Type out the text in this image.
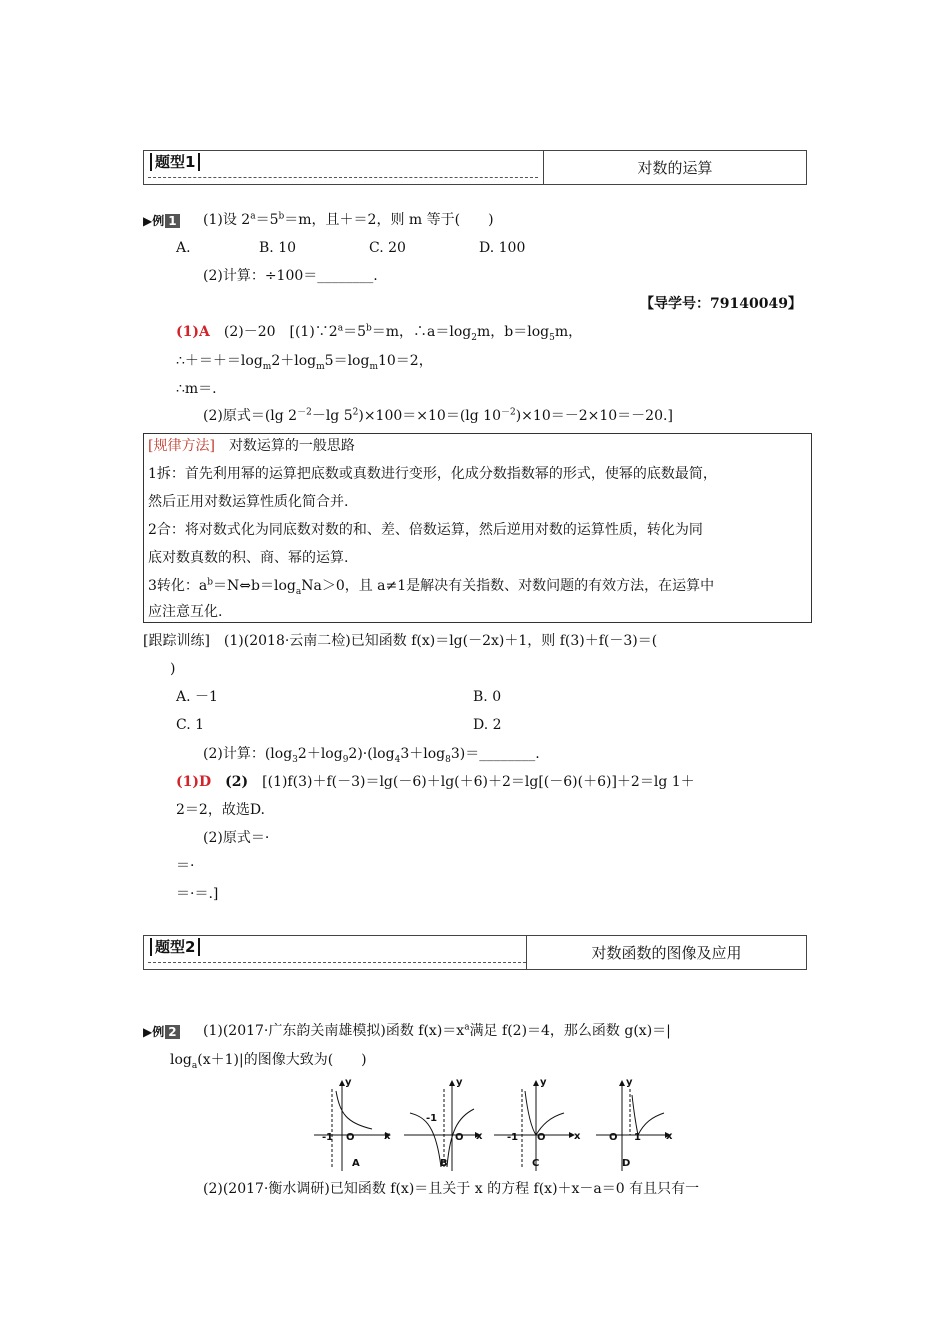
题型1	对数的运算
▶例 1 (1)设 $2^a=5^b=m$，且＋＝2，则 m 等于(　　)
A.	B. 10	C. 20	D. 100
(2)计算：÷100＝________.
【导学号：79140049】
(1)A　 (2)－20　[$(1)\because 2^a=5^b=m$，$\therefore a=\log_2m$，$b=\log_5m$，
$\therefore+=+=\log_m2+\log_m5=\log_m10=2$，
∴m＝.
(2)原式＝(lg $2^{-2}-\lg$ $5^2)\times 100=\times 10=(\lg$ $10^{-2})\times 10=-2\times 10=-20$.]
[规律方法]　 对数运算的一般思路
1拆：首先利用幂的运算把底数或真数进行变形，化成分数指数幂的形式，使幂的底数最简，
然后正用对数运算性质化简合并.
2合：将对数式化为同底数对数的和、差、倍数运算，然后逆用对数的运算性质，转化为同
底对数真数的积、商、幂的运算.
3转化：$a^b=N\Leftrightarrow b=\log_aNa>0$，且 a≠1是解决有关指数、对数问题的有效方法，在运算中
应注意互化.
[跟踪训练]　(1)(2018·云南二检)已知函数 f(x)＝lg(－2x)＋1，则 f(3)＋f(－3)＝(
)
A. －1	B. 0
C. 1	D. 2
(2)计算：$(\log_32+\log_92)\cdot(\log_43+\log_83)=\_\_\_\_\_\_\_\_$.
(1)D　 (2)　 [(1)f(3)＋f(－3)＝lg(－6)＋lg(＋6)＋2＝lg[(－6)(＋6)]＋2＝lg 1＋
2＝2，故选D.
(2)原式＝·
＝·
＝·＝.]
题型2	对数函数的图像及应用
▶例 2 (1)(2017·广东韵关南雄模拟)函数 $f(x)=x^a$满足 f(2)＝4，那么函数 g(x)＝|
$\log_a(x+1)|$的图像大致为(　　)
y
x
O
-1
A
y
x
O
-1
B
y
x
O
-1
C
y
x
O 1
D
(2)(2017·衡水调研)已知函数 f(x)＝且关于 x 的方程 f(x)＋x－a＝0 有且只有一
